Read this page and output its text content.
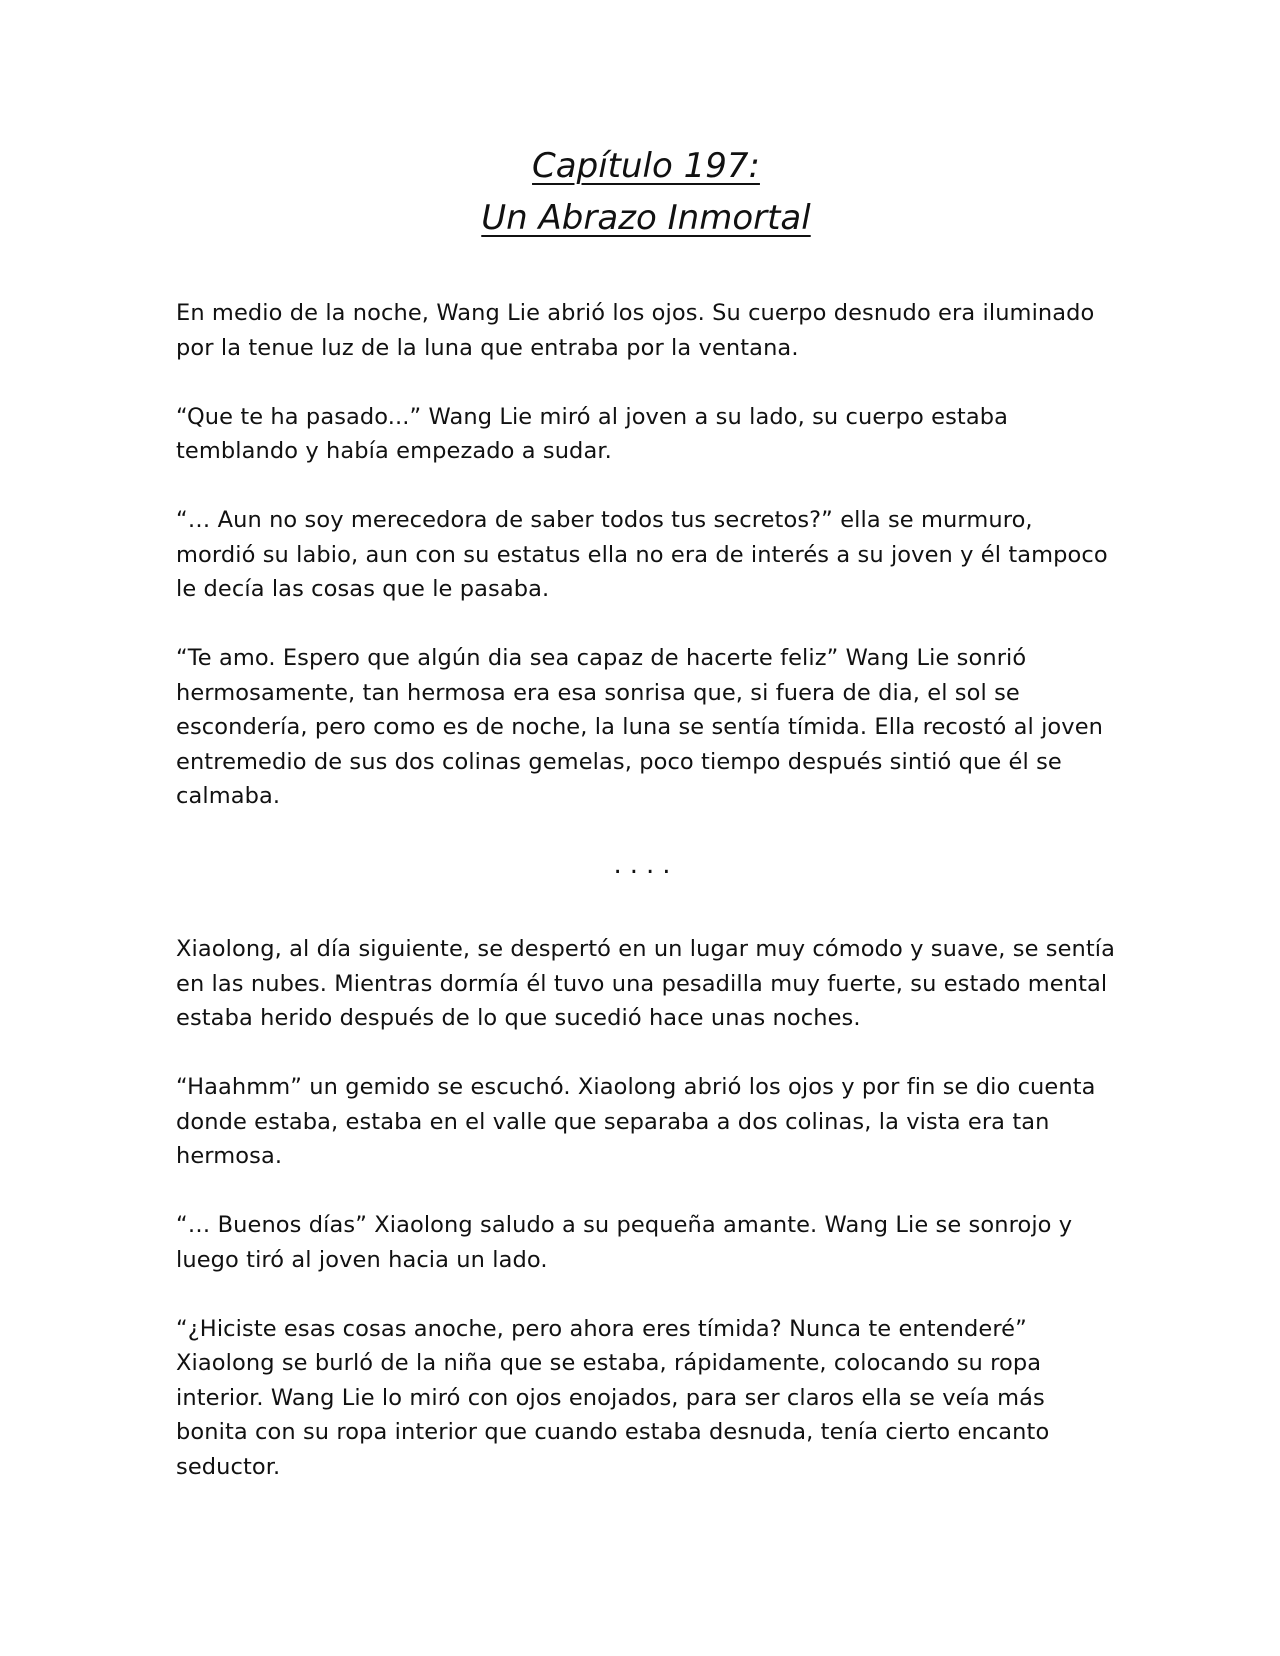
Capítulo 197:
Un Abrazo Inmortal

En medio de la noche, Wang Lie abrió los ojos. Su cuerpo desnudo era iluminado por la tenue luz de la luna que entraba por la ventana.

“Que te ha pasado...” Wang Lie miró al joven a su lado, su cuerpo estaba temblando y había empezado a sudar.

“… Aun no soy merecedora de saber todos tus secretos?” ella se murmuro, mordió su labio, aun con su estatus ella no era de interés a su joven y él tampoco le decía las cosas que le pasaba.

“Te amo. Espero que algún dia sea capaz de hacerte feliz” Wang Lie sonrió hermosamente, tan hermosa era esa sonrisa que, si fuera de dia, el sol se escondería, pero como es de noche, la luna se sentía tímida. Ella recostó al joven entremedio de sus dos colinas gemelas, poco tiempo después sintió que él se calmaba.

....

Xiaolong, al día siguiente, se despertó en un lugar muy cómodo y suave, se sentía en las nubes. Mientras dormía él tuvo una pesadilla muy fuerte, su estado mental estaba herido después de lo que sucedió hace unas noches.

“Haahmm” un gemido se escuchó. Xiaolong abrió los ojos y por fin se dio cuenta donde estaba, estaba en el valle que separaba a dos colinas, la vista era tan hermosa.

“… Buenos días” Xiaolong saludo a su pequeña amante. Wang Lie se sonrojo y luego tiró al joven hacia un lado.

“¿Hiciste esas cosas anoche, pero ahora eres tímida? Nunca te entenderé” Xiaolong se burló de la niña que se estaba, rápidamente, colocando su ropa interior. Wang Lie lo miró con ojos enojados, para ser claros ella se veía más bonita con su ropa interior que cuando estaba desnuda, tenía cierto encanto seductor.
